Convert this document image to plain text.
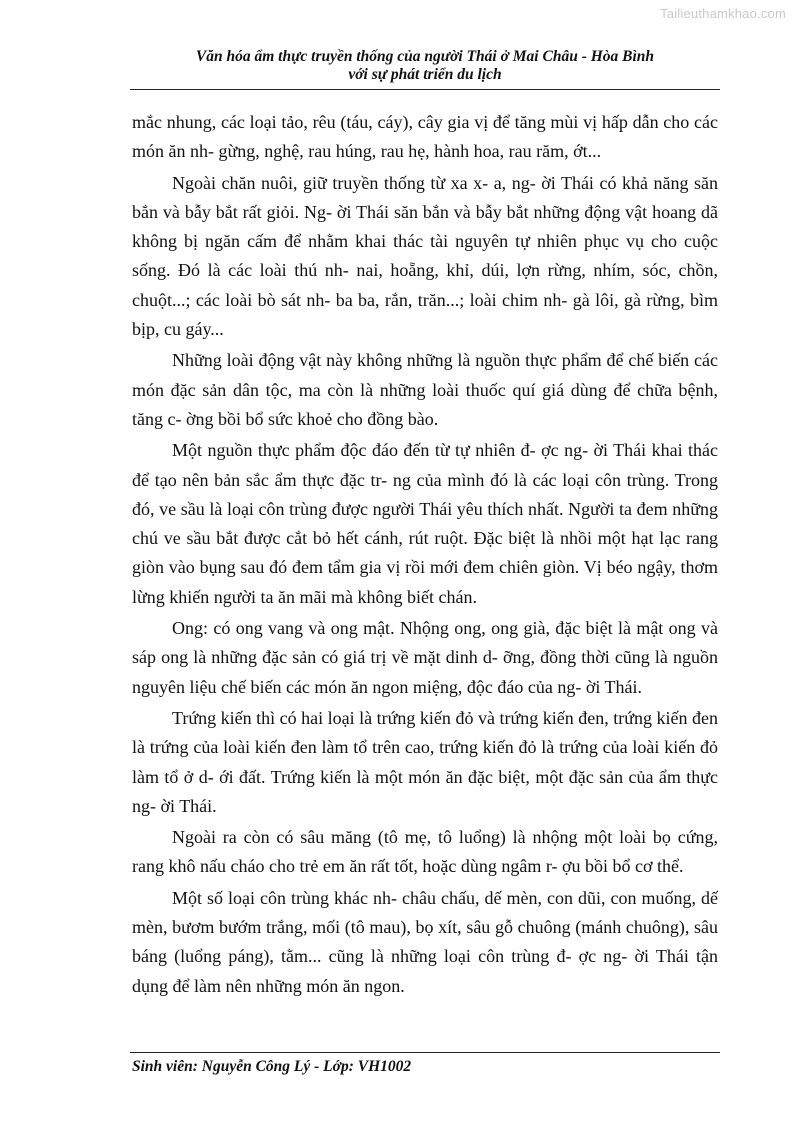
Tailieuthamkhao.com
Văn hóa ẩm thực truyền thống của người Thái ở Mai Châu - Hòa Bình
với sự phát triển du lịch

mắc nhung, các loại tảo, rêu (táu, cáy), cây gia vị để tăng mùi vị hấp dẫn cho các món ăn nh- gừng, nghệ, rau húng, rau hẹ, hành hoa, rau răm, ớt...

Ngoài chăn nuôi, giữ truyền thống từ xa x- a, ng- ời Thái có khả năng săn bắn và bẫy bắt rất giỏi. Ng- ời Thái săn bắn và bẫy bắt những động vật hoang dã không bị ngăn cấm để nhằm khai thác tài nguyên tự nhiên phục vụ cho cuộc sống. Đó là các loài thú nh- nai, hoẵng, khỉ, dúi, lợn rừng, nhím, sóc, chồn, chuột...; các loài bò sát nh- ba ba, rắn, trăn...; loài chim nh- gà lôi, gà rừng, bìm bịp, cu gáy...

Những loài động vật này không những là nguồn thực phẩm để chế biến các món đặc sản dân tộc, ma còn là những loài thuốc quí giá dùng để chữa bệnh, tăng c- ờng bồi bổ sức khoẻ cho đồng bào.

Một nguồn thực phẩm độc đáo đến từ tự nhiên đ- ợc ng- ời Thái khai thác để tạo nên bản sắc ẩm thực đặc tr- ng của mình đó là các loại côn trùng. Trong đó, ve sầu là loại côn trùng được người Thái yêu thích nhất. Người ta đem những chú ve sầu bắt được cắt bỏ hết cánh, rút ruột. Đặc biệt là nhồi một hạt lạc rang giòn vào bụng sau đó đem tẩm gia vị rồi mới đem chiên giòn. Vị béo ngậy, thơm lừng khiến người ta ăn mãi mà không biết chán.

Ong: có ong vang và ong mật. Nhộng ong, ong già, đặc biệt là mật ong và sáp ong là những đặc sản có giá trị về mặt dinh d- ỡng, đồng thời cũng là nguồn nguyên liệu chế biến các món ăn ngon miệng, độc đáo của ng- ời Thái.

Trứng kiến thì có hai loại là trứng kiến đỏ và trứng kiến đen, trứng kiến đen là trứng của loài kiến đen làm tổ trên cao, trứng kiến đỏ là trứng của loài kiến đỏ làm tổ ở d- ới đất. Trứng kiến là một món ăn đặc biệt, một đặc sản của ẩm thực ng- ời Thái.

Ngoài ra còn có sâu măng (tô mẹ, tô luổng) là nhộng một loài bọ cứng, rang khô nấu cháo cho trẻ em ăn rất tốt, hoặc dùng ngâm r- ợu bồi bổ cơ thể.

Một số loại côn trùng khác nh- châu chấu, dế mèn, con dũi, con muống, dế mèn, bươm bướm trắng, mối (tô mau), bọ xít, sâu gỗ chuông (mánh chuông), sâu báng (luổng páng), tằm... cũng là những loại côn trùng đ- ợc ng- ời Thái tận dụng để làm nên những món ăn ngon.

Sinh viên: Nguyễn Công Lý - Lớp: VH1002
